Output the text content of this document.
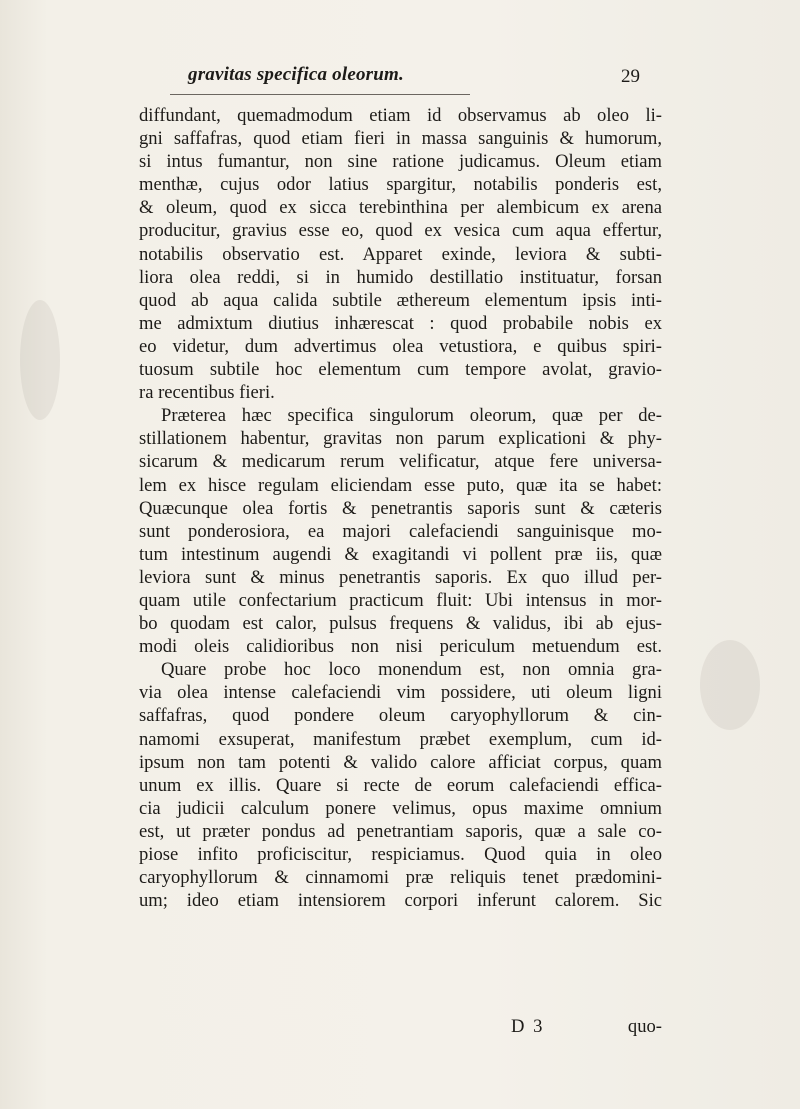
gravitas specifica oleorum.	29
diffundant, quemadmodum etiam id observamus ab oleo li-
gni saffafras, quod etiam fieri in massa sanguinis & humorum,
si intus fumantur, non sine ratione judicamus. Oleum etiam
menthæ, cujus odor latius spargitur, notabilis ponderis est,
& oleum, quod ex sicca terebinthina per alembicum ex arena
producitur, gravius esse eo, quod ex vesica cum aqua effertur,
notabilis observatio est. Apparet exinde, leviora & subti-
liora olea reddi, si in humido destillatio instituatur, forsan
quod ab aqua calida subtile æthereum elementum ipsis inti-
me admixtum diutius inhærescat : quod probabile nobis ex
eo videtur, dum advertimus olea vetustiora, e quibus spiri-
tuosum subtile hoc elementum cum tempore avolat, gravio-
ra recentibus fieri.
Præterea hæc specifica singulorum oleorum, quæ per de-
stillationem habentur, gravitas non parum explicationi & phy-
sicarum & medicarum rerum velificatur, atque fere universa-
lem ex hisce regulam eliciendam esse puto, quæ ita se habet:
Quæcunque olea fortis & penetrantis saporis sunt & cæteris
sunt ponderosiora, ea majori calefaciendi sanguinisque mo-
tum intestinum augendi & exagitandi vi pollent præ iis, quæ
leviora sunt & minus penetrantis saporis. Ex quo illud per-
quam utile confectarium practicum fluit: Ubi intensus in mor-
bo quodam est calor, pulsus frequens & validus, ibi ab ejus-
modi oleis calidioribus non nisi periculum metuendum est.
Quare probe hoc loco monendum est, non omnia gra-
via olea intense calefaciendi vim possidere, uti oleum ligni
saffafras, quod pondere oleum caryophyllorum & cin-
namomi exsuperat, manifestum præbet exemplum, cum id-
ipsum non tam potenti & valido calore afficiat corpus, quam
unum ex illis. Quare si recte de eorum calefaciendi effica-
cia judicii calculum ponere velimus, opus maxime omnium
est, ut præter pondus ad penetrantiam saporis, quæ a sale co-
piose infito proficiscitur, respiciamus. Quod quia in oleo
caryophyllorum & cinnamomi præ reliquis tenet prædomini-
um; ideo etiam intensiorem corpori inferunt calorem. Sic
D 3	quo-
